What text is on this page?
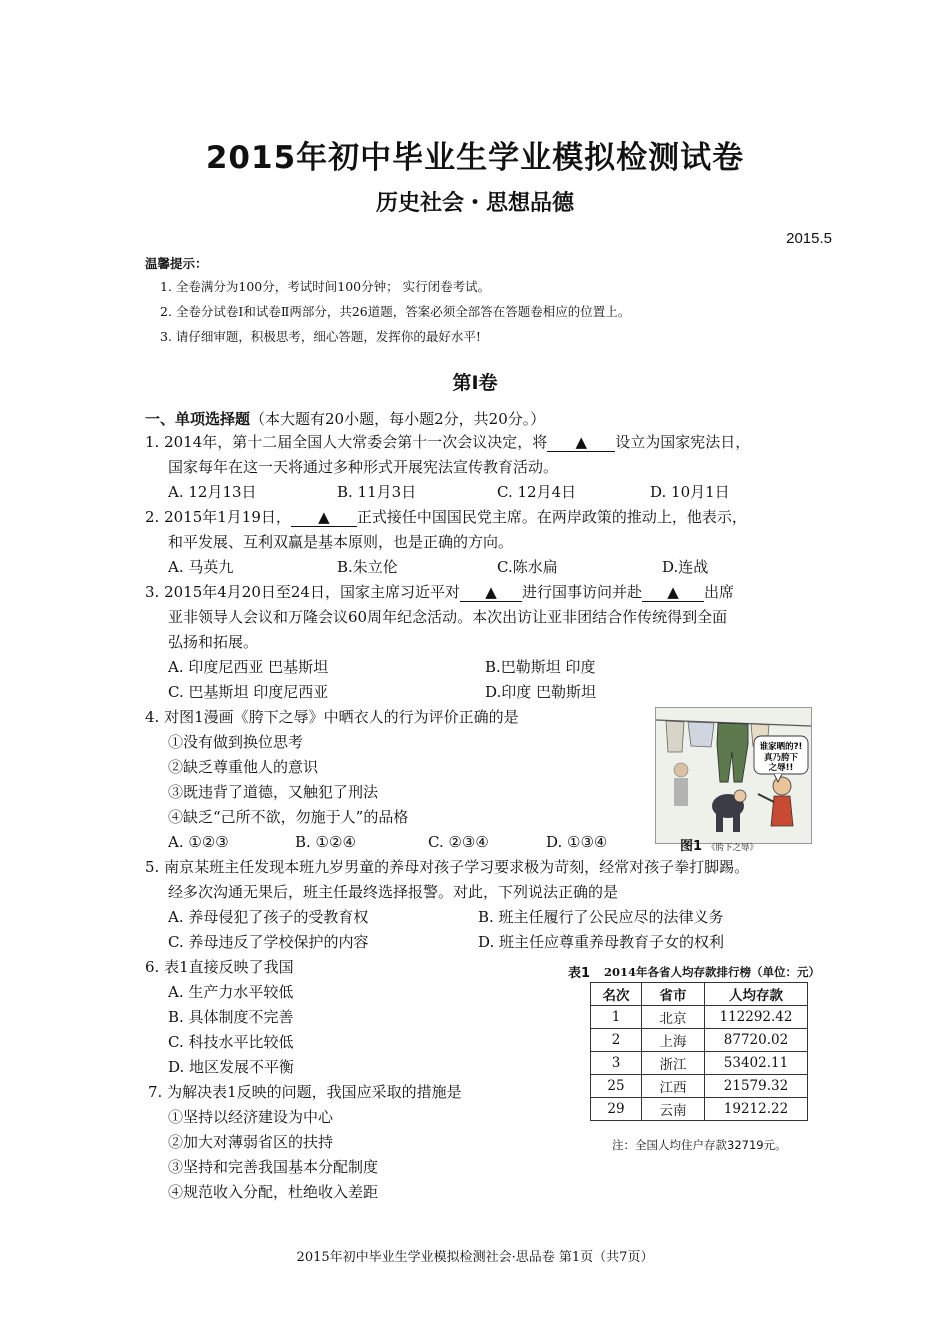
2015年初中毕业生学业模拟检测试卷
历史社会・思想品德
2015.5
温馨提示：
1. 全卷满分为100分，考试时间100分钟； 实行闭卷考试。
2. 全卷分试卷Ⅰ和试卷Ⅱ两部分，共26道题，答案必须全部答在答题卷相应的位置上。
3. 请仔细审题，积极思考，细心答题，发挥你的最好水平!
第Ⅰ卷
一、单项选择题（本大题有20小题，每小题2分，共20分。）
1. 2014年，第十二届全国人大常委会第十一次会议决定，将 ▲ 设立为国家宪法日，
国家每年在这一天将通过多种形式开展宪法宣传教育活动。
A. 12月13日	B. 11月3日	C. 12月4日	D. 10月1日
2. 2015年1月19日， ▲ 正式接任中国国民党主席。在两岸政策的推动上，他表示，
和平发展、互利双赢是基本原则，也是正确的方向。
A. 马英九	B.朱立伦	C.陈水扁	D.连战
3. 2015年4月20日至24日，国家主席习近平对 ▲ 进行国事访问并赴 ▲ 出席
亚非领导人会议和万隆会议60周年纪念活动。本次出访让亚非团结合作传统得到全面
弘扬和拓展。
A. 印度尼西亚 巴基斯坦	B.巴勒斯坦 印度
C. 巴基斯坦 印度尼西亚	D.印度 巴勒斯坦
4. 对图1漫画《胯下之辱》中晒衣人的行为评价正确的是
①没有做到换位思考
②缺乏尊重他人的意识
③既违背了道德，又触犯了刑法
④缺乏“己所不欲，勿施于人”的品格
A. ①②③	B. ①②④	C. ②③④	D. ①③④
谁家晒的?!
真乃胯下
之辱!!
图1 《胯下之辱》
5. 南京某班主任发现本班九岁男童的养母对孩子学习要求极为苛刻，经常对孩子拳打脚踢。
经多次沟通无果后，班主任最终选择报警。对此，下列说法正确的是
A. 养母侵犯了孩子的受教育权	B. 班主任履行了公民应尽的法律义务
C. 养母违反了学校保护的内容	D. 班主任应尊重养母教育子女的权利
6. 表1直接反映了我国
A. 生产力水平较低
B. 具体制度不完善
C. 科技水平比较低
D. 地区发展不平衡
7. 为解决表1反映的问题，我国应采取的措施是
①坚持以经济建设为中心
②加大对薄弱省区的扶持
③坚持和完善我国基本分配制度
④规范收入分配，杜绝收入差距
表1 2014年各省人均存款排行榜（单位：元）
名次	省市	人均存款
1	北京	112292.42
2	上海	87720.02
3	浙江	53402.11
25	江西	21579.32
29	云南	19212.22
注：全国人均住户存款32719元。
2015年初中毕业生学业模拟检测社会·思品卷 第1页（共7页）
